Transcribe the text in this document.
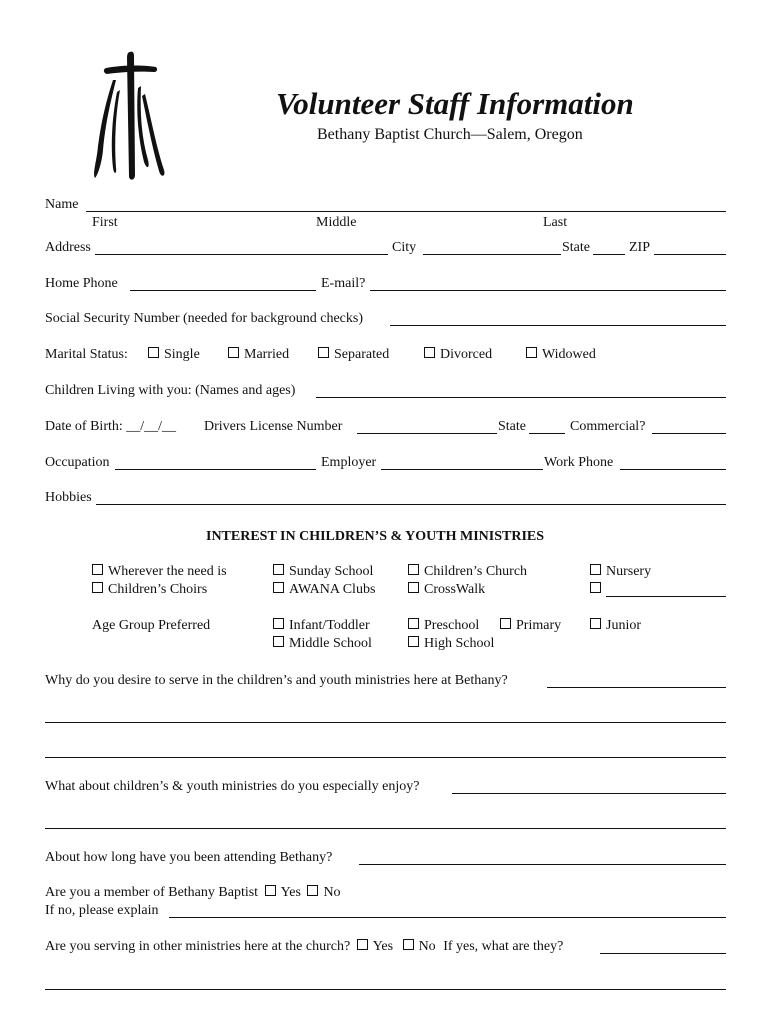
Volunteer Staff Information
Bethany Baptist Church—Salem, Oregon
Name
First	Middle	Last
Address	City	State	ZIP
Home Phone	E-mail?
Social Security Number (needed for background checks)
Marital Status:	Single	Married	Separated	Divorced	Widowed
Children Living with you: (Names and ages)
Date of Birth: __/__/__ Drivers License Number	State	Commercial?
Occupation	Employer	Work Phone
Hobbies
INTEREST IN CHILDREN’S & YOUTH MINISTRIES
Wherever the need is	Sunday School	Children’s Church	Nursery
Children’s Choirs	AWANA Clubs	CrossWalk
Age Group Preferred	Infant/Toddler	Preschool	Primary	Junior
Middle School	High School
Why do you desire to serve in the children’s and youth ministries here at Bethany?
What about children’s & youth ministries do you especially enjoy?
About how long have you been attending Bethany?
Are you a member of Bethany Baptist Yes No
If no, please explain
Are you serving in other ministries here at the church? Yes No If yes, what are they?
